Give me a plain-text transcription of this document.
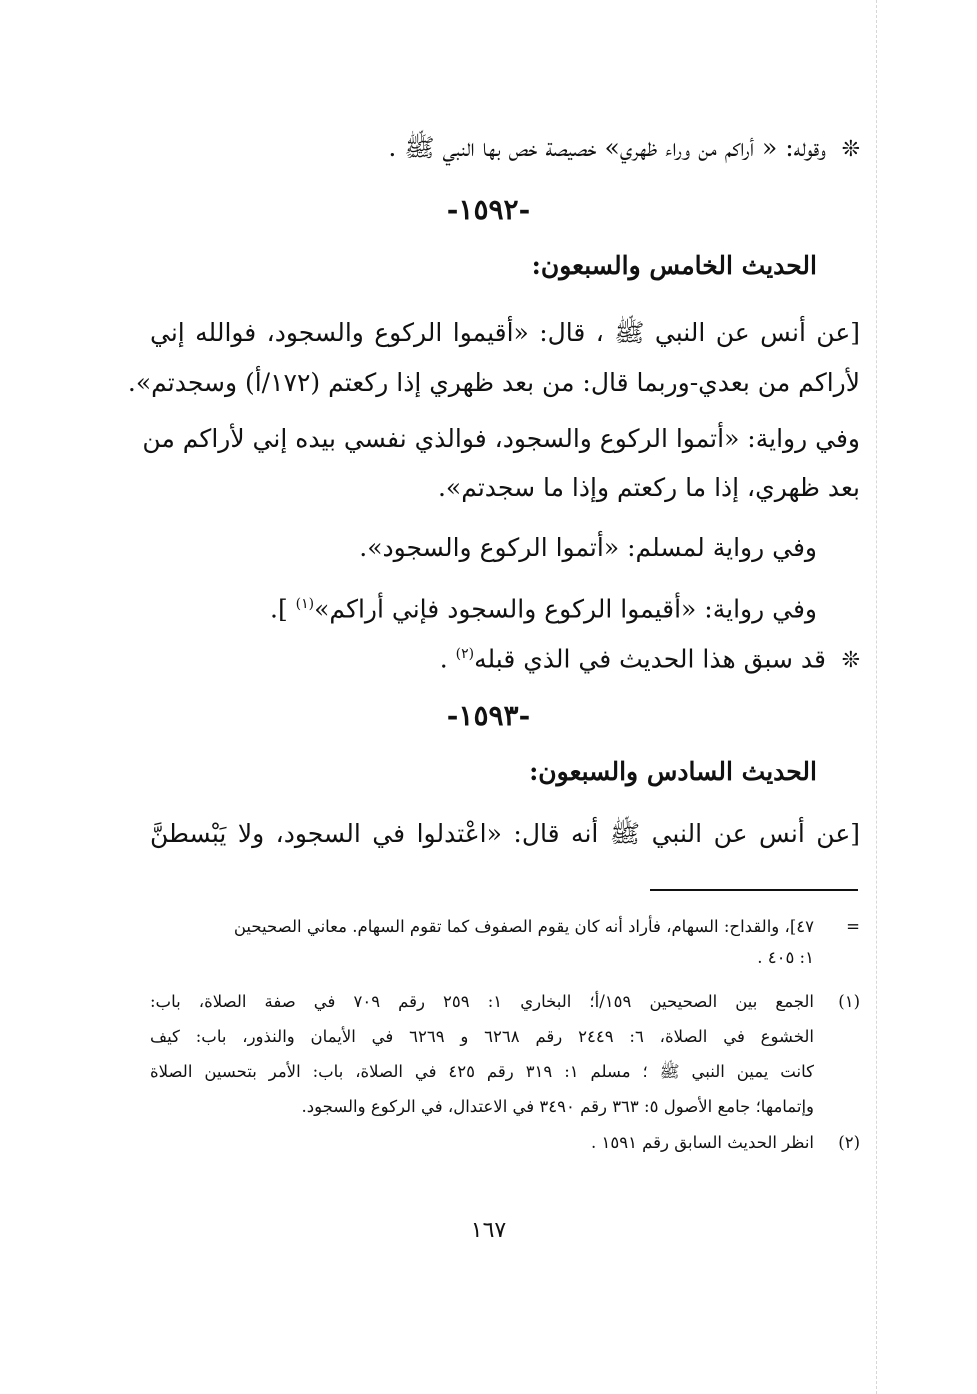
❊وقوله: « أراكم من وراء ظهري» خصيصة خص بها النبي ﷺ .
-١٥٩٢-
الحديث الخامس والسبعون:
[عن أنس عن النبي ﷺ ، قال: «أقيموا الركوع والسجود، فوالله إني
لأراكم من بعدي-وربما قال: من بعد ظهري إذا ركعتم (١٧٢/أ) وسجدتم».
وفي رواية: «أتموا الركوع والسجود، فوالذي نفسي بيده إني لأراكم من
بعد ظهري، إذا ما ركعتم وإذا ما سجدتم».
وفي رواية لمسلم: «أتموا الركوع والسجود».
وفي رواية: «أقيموا الركوع والسجود فإني أراكم»$^{(١)}$ ].
❊قد سبق هذا الحديث في الذي قبله$^{(٢)}$ .
-١٥٩٣-
الحديث السادس والسبعون:
[عن أنس عن النبي ﷺ أنه قال: «اعْتدلوا في السجود، ولا يَبْسطنَّ
=٤٧]، والقداح: السهام، فأراد أنه كان يقوم الصفوف كما تقوم السهام. معاني الصحيحين
١: ٤٠٥ .
(١)الجمع بين الصحيحين ١٥٩/أ؛ البخاري ١: ٢٥٩ رقم ٧٠٩ في صفة الصلاة، باب:
الخشوع في الصلاة، ٦: ٢٤٤٩ رقم ٦٢٦٨ و ٦٢٦٩ في الأيمان والنذور، باب: كيف
كانت يمين النبي ﷺ ؛ مسلم ١: ٣١٩ رقم ٤٢٥ في الصلاة، باب: الأمر بتحسين الصلاة
وإتمامها؛ جامع الأصول ٥: ٣٦٣ رقم ٣٤٩٠ في الاعتدال، في الركوع والسجود.
(٢)انظر الحديث السابق رقم ١٥٩١ .
١٦٧
